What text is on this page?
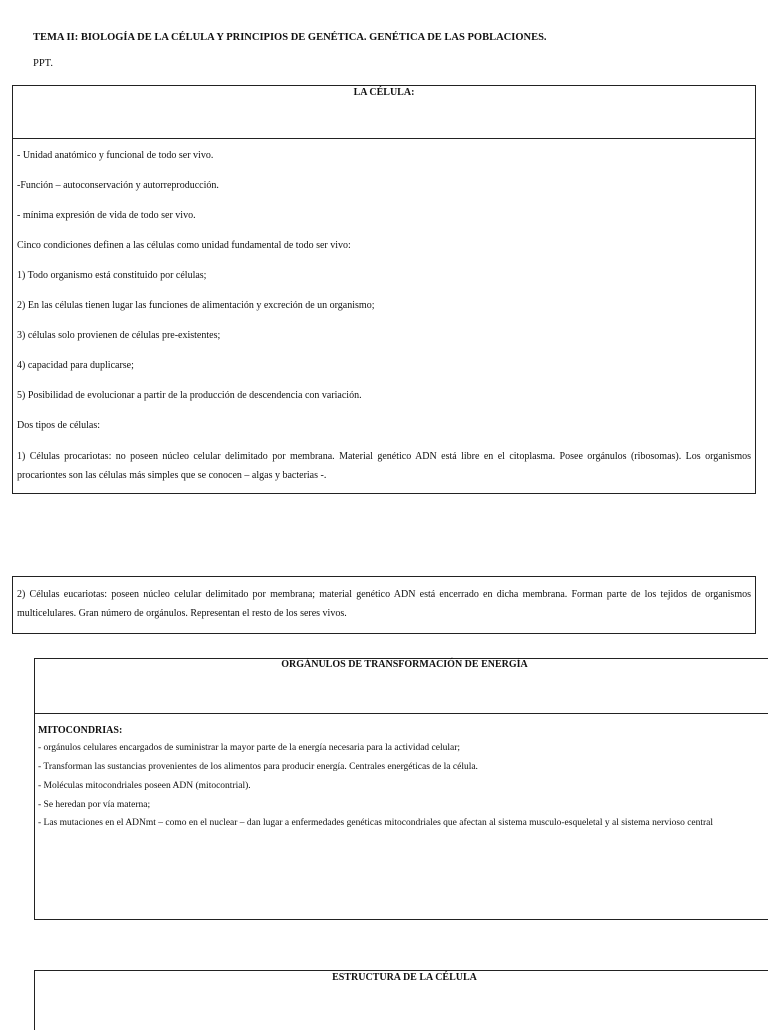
TEMA II: BIOLOGÍA DE LA CÉLULA Y PRINCIPIOS DE GENÉTICA. GENÉTICA DE LAS POBLACIONES.
PPT.
LA CÉLULA:

- Unidad anatómico y funcional de todo ser vivo.

-Función – autoconservación y autorreproducción.

- mínima expresión de vida de todo ser vivo.

Cinco condiciones definen a las células como unidad fundamental de todo ser vivo:

1) Todo organismo está constituido por células;

2) En las células tienen lugar las funciones de alimentación y excreción de un organismo;

3) células solo provienen de células pre-existentes;

4) capacidad para duplicarse;

5) Posibilidad de evolucionar a partir de la producción de descendencia con variación.

Dos tipos de células:

1) Células procariotas: no poseen núcleo celular delimitado por membrana. Material genético ADN está libre en el citoplasma. Posee orgánulos (ribosomas). Los organismos procariontes son las células más simples que se conocen – algas y bacterias -.

2) Células eucariotas: poseen núcleo celular delimitado por membrana; material genético ADN está encerrado en dicha membrana. Forman parte de los tejidos de organismos multicelulares. Gran número de orgánulos. Representan el resto de los seres vivos.

ORGÁNULOS DE TRANSFORMACIÓN DE ENERGÍA

MITOCONDRIAS:

- orgánulos celulares encargados de suministrar la mayor parte de la energía necesaria para la actividad celular;

- Transforman las sustancias provenientes de los alimentos para producir energía. Centrales energéticas de la célula.

- Moléculas mitocondriales poseen ADN (mitocontrial).

- Se heredan por vía materna;

- Las mutaciones en el ADNmt – como en el nuclear – dan lugar a enfermedades genéticas mitocondriales que afectan al sistema musculo-esqueletal y al sistema nervioso central

ESTRUCTURA DE LA CÉLULA
